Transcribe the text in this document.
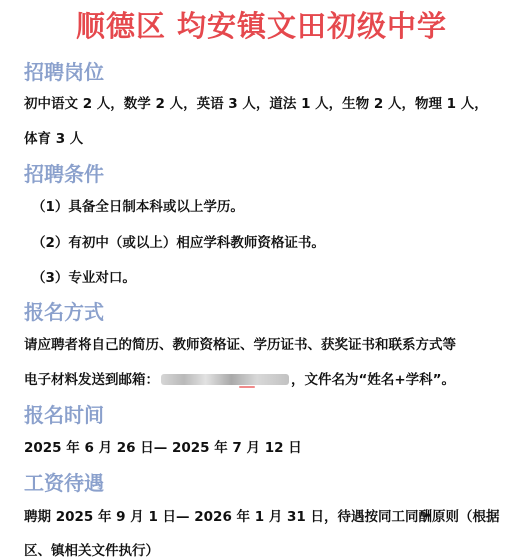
顺德区 均安镇文田初级中学
招聘岗位
初中语文 2 人，数学 2 人，英语 3 人，道法 1 人，生物 2 人，物理 1 人，
体育 3 人
招聘条件
（1）具备全日制本科或以上学历。
（2）有初中（或以上）相应学科教师资格证书。
（3）专业对口。
报名方式
请应聘者将自己的简历、教师资格证、学历证书、获奖证书和联系方式等
电子材料发送到邮箱：	，文件名为“姓名+学科”。
报名时间
2025 年 6 月 26 日— 2025 年 7 月 12 日
工资待遇
聘期 2025 年 9 月 1 日— 2026 年 1 月 31 日，待遇按同工同酬原则（根据
区、镇相关文件执行）
